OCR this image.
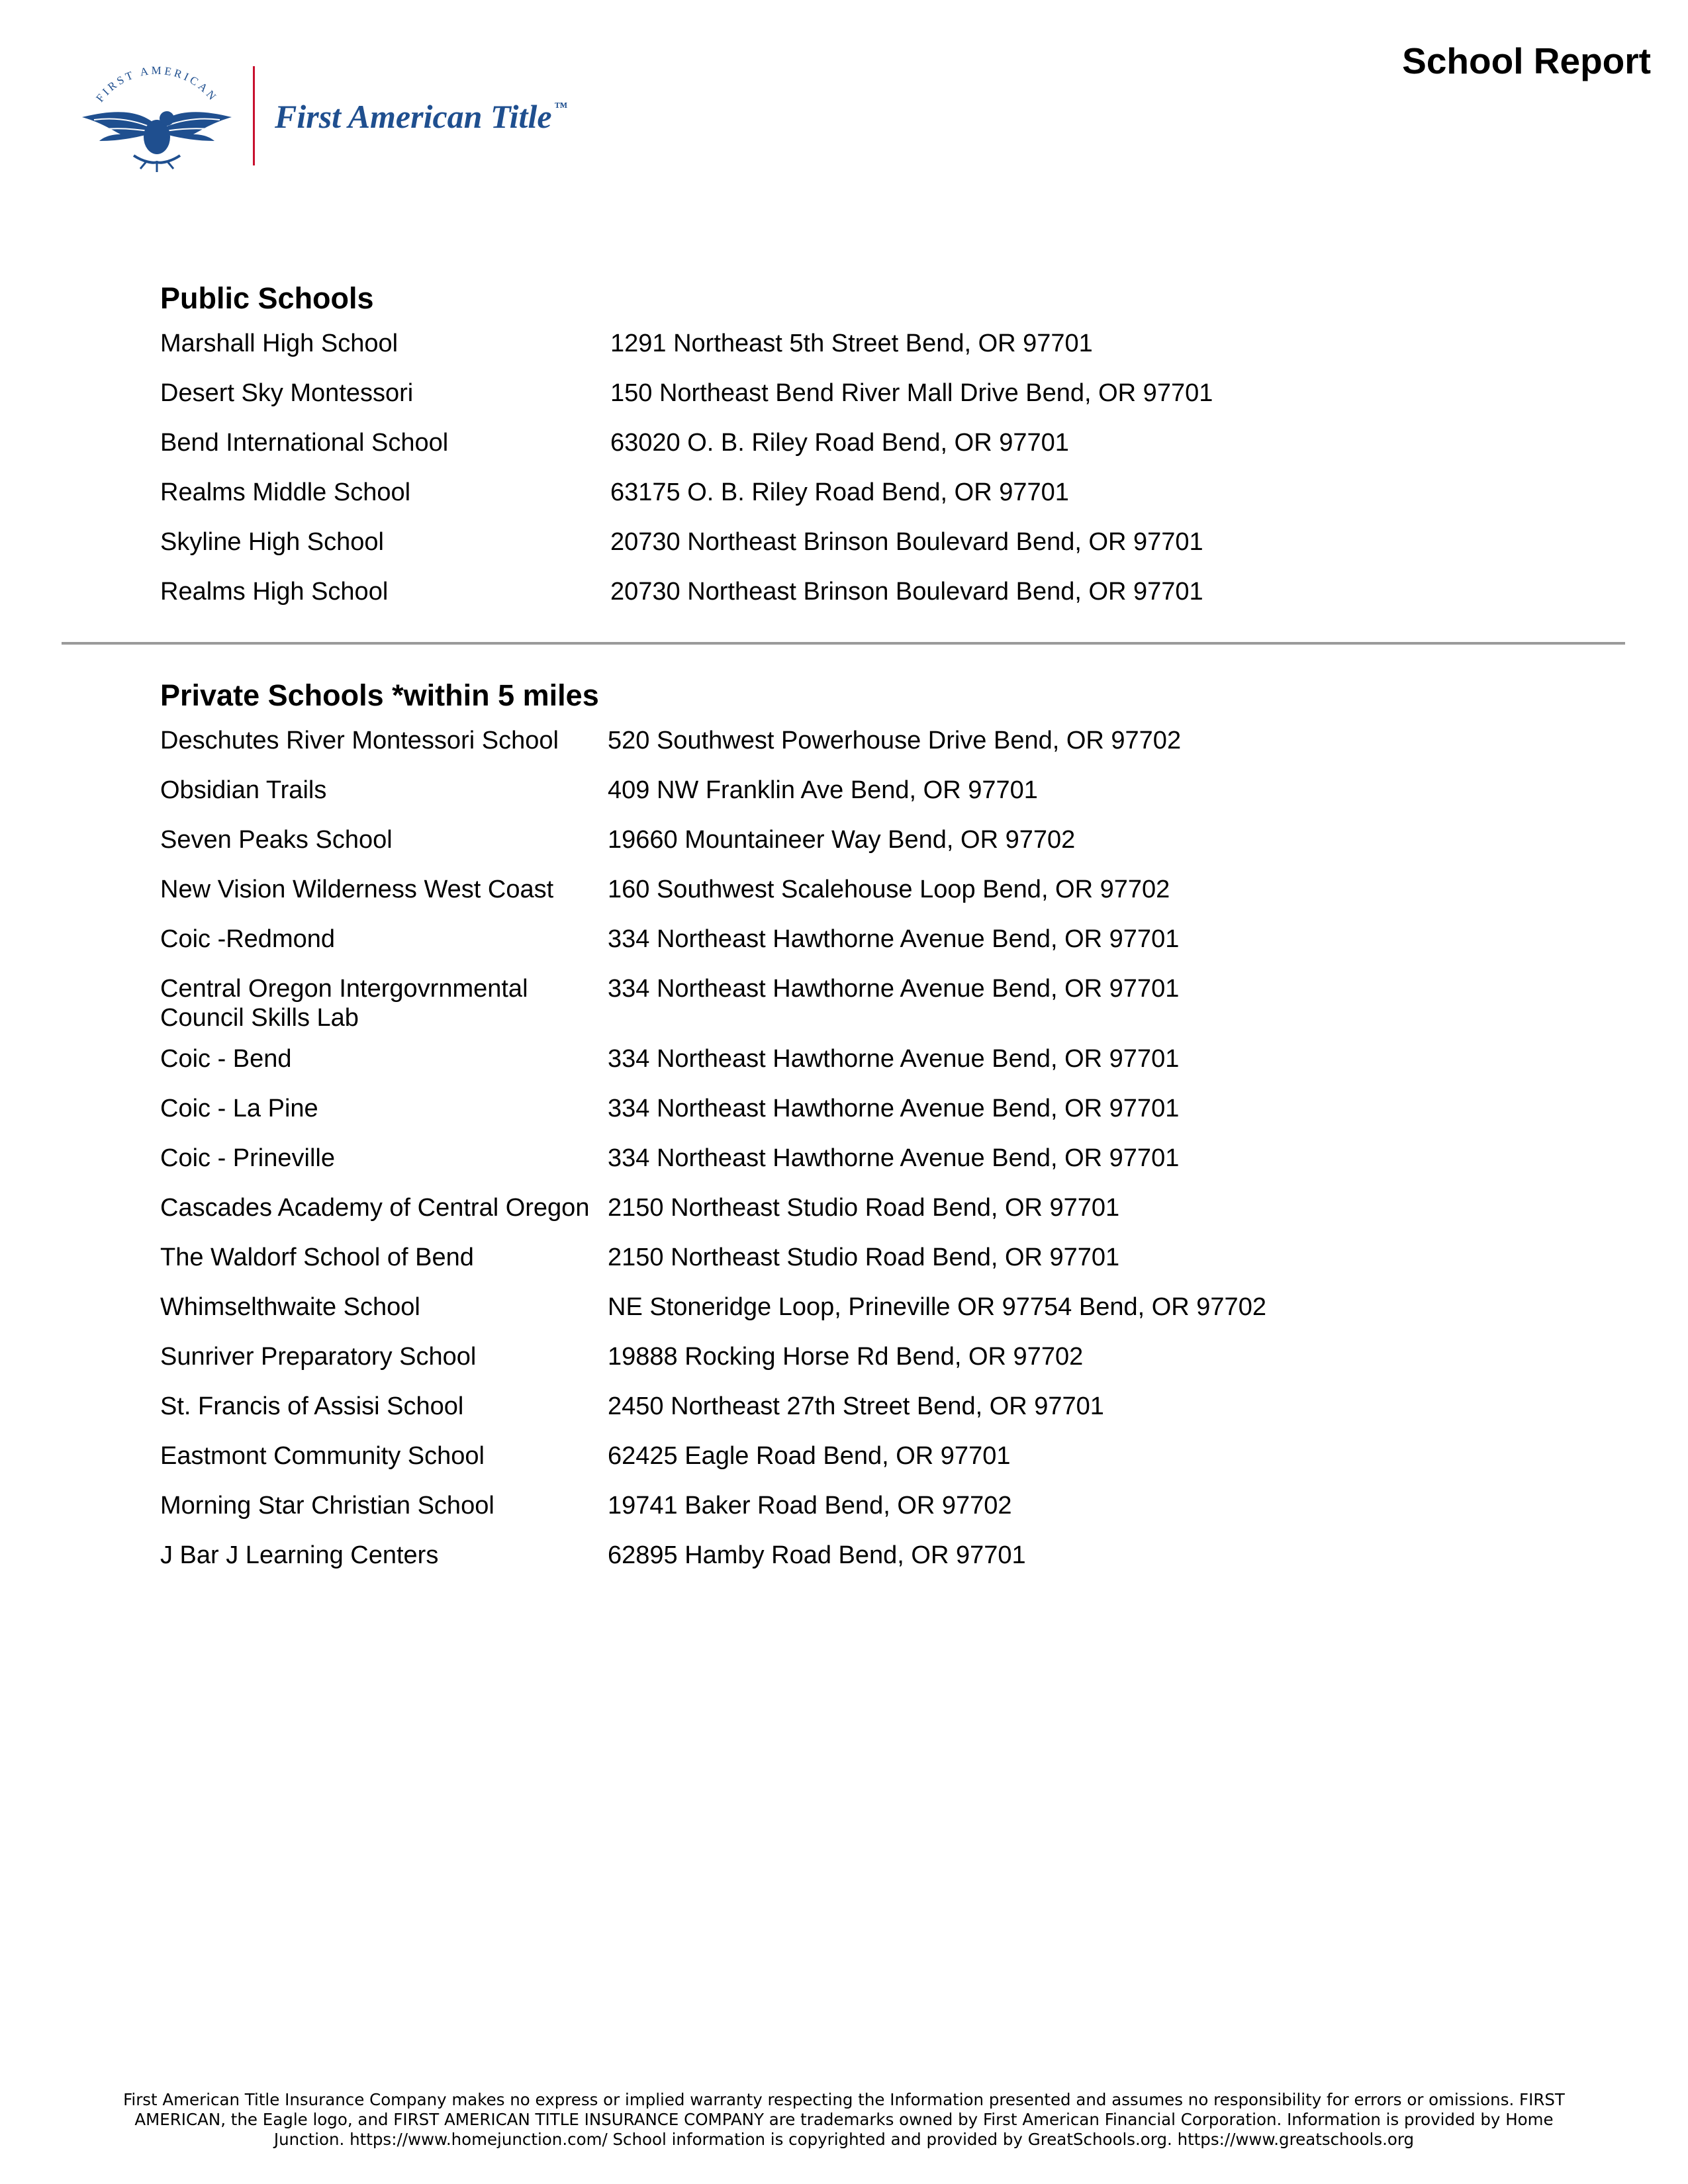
FIRST AMERICAN
First American Title ™
School Report
Public Schools
Marshall High School	1291 Northeast 5th Street Bend, OR 97701
Desert Sky Montessori	150 Northeast Bend River Mall Drive Bend, OR 97701
Bend International School	63020 O. B. Riley Road Bend, OR 97701
Realms Middle School	63175 O. B. Riley Road Bend, OR 97701
Skyline High School	20730 Northeast Brinson Boulevard Bend, OR 97701
Realms High School	20730 Northeast Brinson Boulevard Bend, OR 97701
Private Schools *within 5 miles
Deschutes River Montessori School	520 Southwest Powerhouse Drive Bend, OR 97702
Obsidian Trails	409 NW Franklin Ave Bend, OR 97701
Seven Peaks School	19660 Mountaineer Way Bend, OR 97702
New Vision Wilderness West Coast	160 Southwest Scalehouse Loop Bend, OR 97702
Coic -Redmond	334 Northeast Hawthorne Avenue Bend, OR 97701
Central Oregon Intergovrnmental Council Skills Lab
334 Northeast Hawthorne Avenue Bend, OR 97701
Coic - Bend	334 Northeast Hawthorne Avenue Bend, OR 97701
Coic - La Pine	334 Northeast Hawthorne Avenue Bend, OR 97701
Coic - Prineville	334 Northeast Hawthorne Avenue Bend, OR 97701
Cascades Academy of Central Oregon 2150 Northeast Studio Road Bend, OR 97701
The Waldorf School of Bend	2150 Northeast Studio Road Bend, OR 97701
Whimselthwaite School	NE Stoneridge Loop, Prineville OR 97754 Bend, OR 97702
Sunriver Preparatory School	19888 Rocking Horse Rd Bend, OR 97702
St. Francis of Assisi School	2450 Northeast 27th Street Bend, OR 97701
Eastmont Community School	62425 Eagle Road Bend, OR 97701
Morning Star Christian School	19741 Baker Road Bend, OR 97702
J Bar J Learning Centers	62895 Hamby Road Bend, OR 97701
First American Title Insurance Company makes no express or implied warranty respecting the Information presented and assumes no responsibility for errors or omissions. FIRST
AMERICAN, the Eagle logo, and FIRST AMERICAN TITLE INSURANCE COMPANY are trademarks owned by First American Financial Corporation. Information is provided by Home
Junction. https://www.homejunction.com/ School information is copyrighted and provided by GreatSchools.org. https://www.greatschools.org
